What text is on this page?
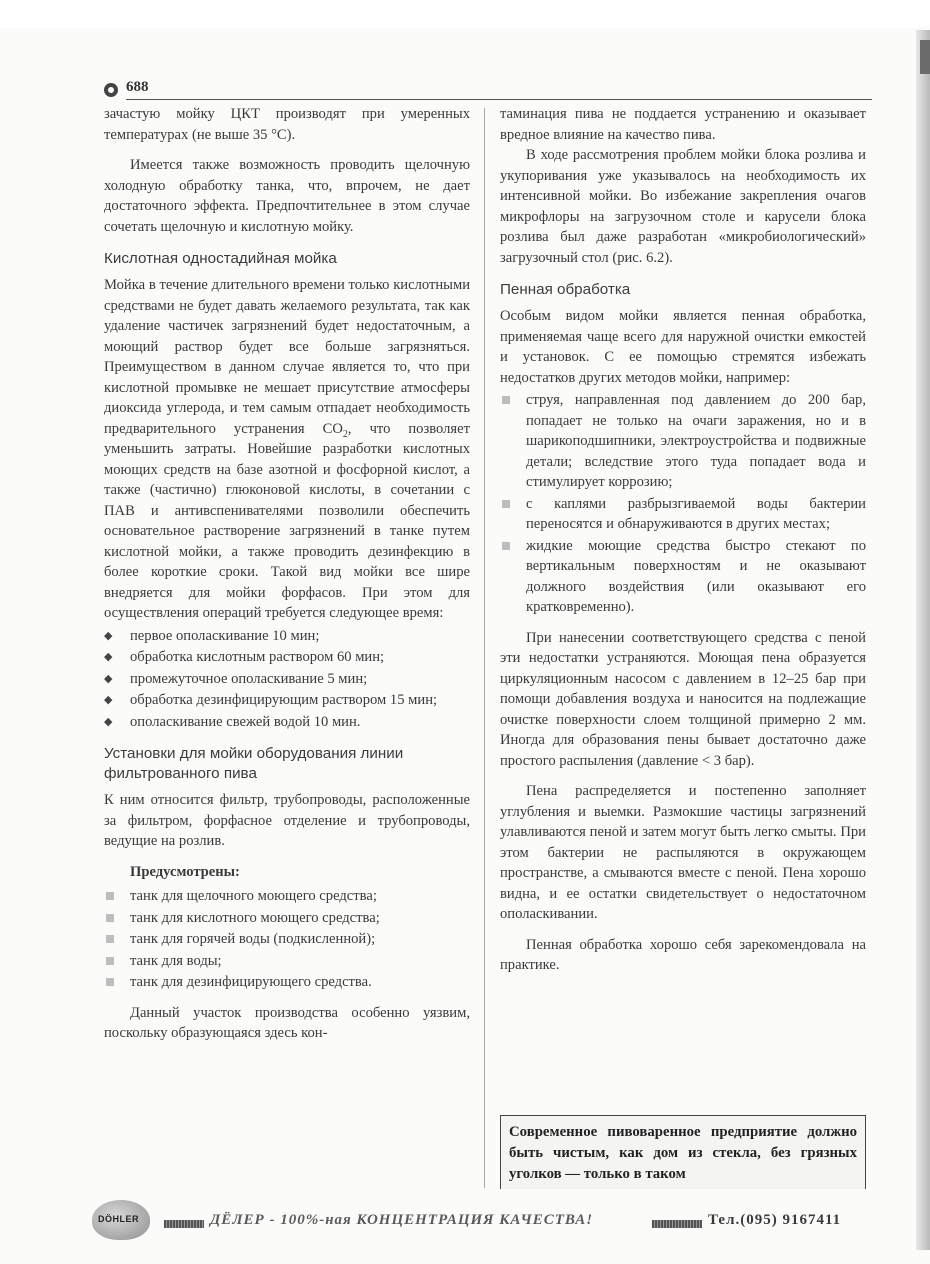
688

зачастую мойку ЦКТ производят при умеренных температурах (не выше 35 °C).

Имеется также возможность проводить щелочную холодную обработку танка, что, впрочем, не дает достаточного эффекта. Предпочтительнее в этом случае сочетать щелочную и кислотную мойку.

Кислотная одностадийная мойка

Мойка в течение длительного времени только кислотными средствами не будет давать желаемого результата, так как удаление частичек загрязнений будет недостаточным, а моющий раствор будет все больше загрязняться. Преимуществом в данном случае является то, что при кислотной промывке не мешает присутствие атмосферы диоксида углерода, и тем самым отпадает необходимость предварительного устранения $CO_2$, что позволяет уменьшить затраты. Новейшие разработки кислотных моющих средств на базе азотной и фосфорной кислот, а также (частично) глюконовой кислоты, в сочетании с ПАВ и антивспенивателями позволили обеспечить основательное растворение загрязнений в танке путем кислотной мойки, а также проводить дезинфекцию в более короткие сроки. Такой вид мойки все шире внедряется для мойки форфасов. При этом для осуществления операций требуется следующее время:

◆ первое ополаскивание 10 мин;
◆ обработка кислотным раствором 60 мин;
◆ промежуточное ополаскивание 5 мин;
◆ обработка дезинфицирующим раствором 15 мин;
◆ ополаскивание свежей водой 10 мин.
Установки для мойки оборудования линии фильтрованного пива

К ним относится фильтр, трубопроводы, расположенные за фильтром, форфасное отделение и трубопроводы, ведущие на розлив.

Предусмотрены:

танк для щелочного моющего средства;
танк для кислотного моющего средства;
танк для горячей воды (подкисленной);
танк для воды;
танк для дезинфицирующего средства.

Данный участок производства особенно уязвим, поскольку образующаяся здесь кон-

таминация пива не поддается устранению и оказывает вредное влияние на качество пива.

В ходе рассмотрения проблем мойки блока розлива и укупоривания уже указывалось на необходимость их интенсивной мойки. Во избежание закрепления очагов микрофлоры на загрузочном столе и карусели блока розлива был даже разработан «микробиологический» загрузочный стол (рис. 6.2).

Пенная обработка

Особым видом мойки является пенная обработка, применяемая чаще всего для наружной очистки емкостей и установок. С ее помощью стремятся избежать недостатков других методов мойки, например:

струя, направленная под давлением до 200 бар, попадает не только на очаги заражения, но и в шарикоподшипники, электроустройства и подвижные детали; вследствие этого туда попадает вода и стимулирует коррозию;
с каплями разбрызгиваемой воды бактерии переносятся и обнаруживаются в других местах;
жидкие моющие средства быстро стекают по вертикальным поверхностям и не оказывают должного воздействия (или оказывают его кратковременно).

При нанесении соответствующего средства с пеной эти недостатки устраняются. Моющая пена образуется циркуляционным насосом с давлением в 12–25 бар при помощи добавления воздуха и наносится на подлежащие очистке поверхности слоем толщиной примерно 2 мм. Иногда для образования пены бывает достаточно даже простого распыления (давление < 3 бар).

Пена распределяется и постепенно заполняет углубления и выемки. Размокшие частицы загрязнений улавливаются пеной и затем могут быть легко смыты. При этом бактерии не распыляются в окружающем пространстве, а смываются вместе с пеной. Пена хорошо видна, и ее остатки свидетельствует о недостаточном ополаскивании.

Пенная обработка хорошо себя зарекомендовала на практике.

Современное пивоваренное предприятие должно быть чистым, как дом из стекла, без грязных уголков — только в таком
DÖHLER	ДЁЛЕР - 100%-ная КОНЦЕНТРАЦИЯ КАЧЕСТВА!	Тел.(095) 9167411
